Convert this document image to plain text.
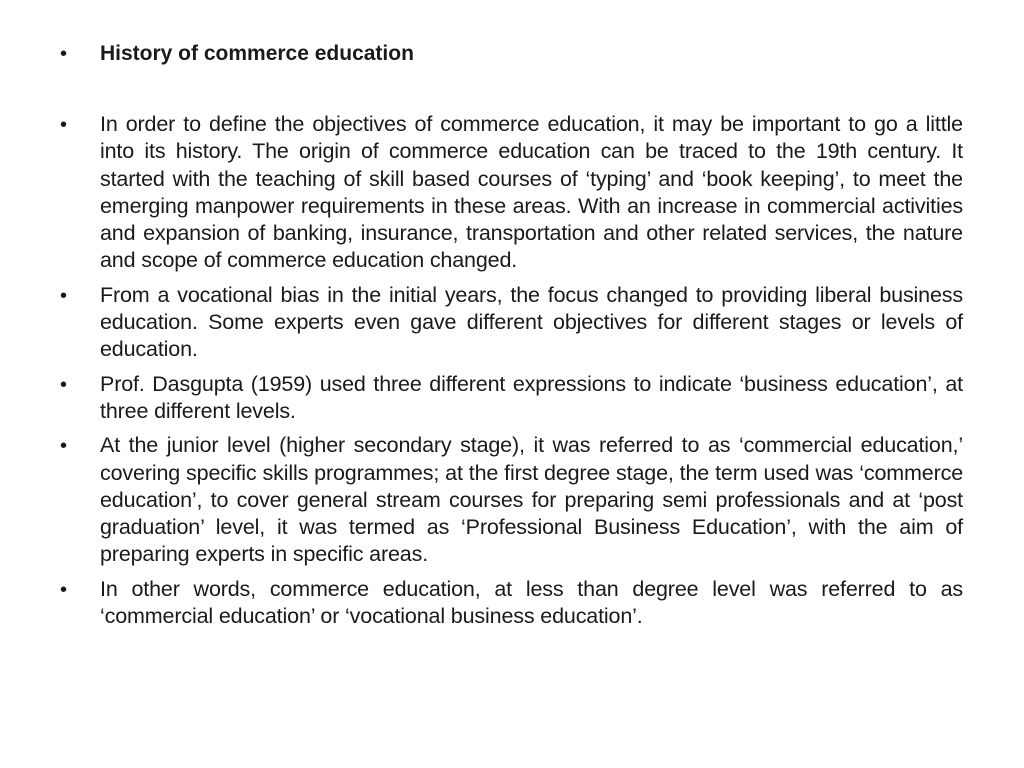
•	History of commerce education
•	In order to define the objectives of commerce education, it may be important to go a little into its history. The origin of commerce education can be traced to the 19th century. It started with the teaching of skill based courses of ‘typing’ and ‘book keeping’, to meet the emerging manpower requirements in these areas. With an increase in commercial activities and expansion of banking, insurance, transportation and other related services, the nature and scope of commerce education changed.
•	From a vocational bias in the initial years, the focus changed to providing liberal business education. Some experts even gave different objectives for different stages or levels of education.
•	Prof. Dasgupta (1959) used three different expressions to indicate ‘business education’, at three different levels.
•	At the junior level (higher secondary stage), it was referred to as ‘commercial education,’ covering specific skills programmes; at the first degree stage, the term used was ‘commerce education’, to cover general stream courses for preparing semi professionals and at ‘post graduation’ level, it was termed as ‘Professional Business Education’, with the aim of preparing experts in specific areas.
•	In other words, commerce education, at less than degree level was referred to as ‘commercial education’ or ‘vocational business education’.
